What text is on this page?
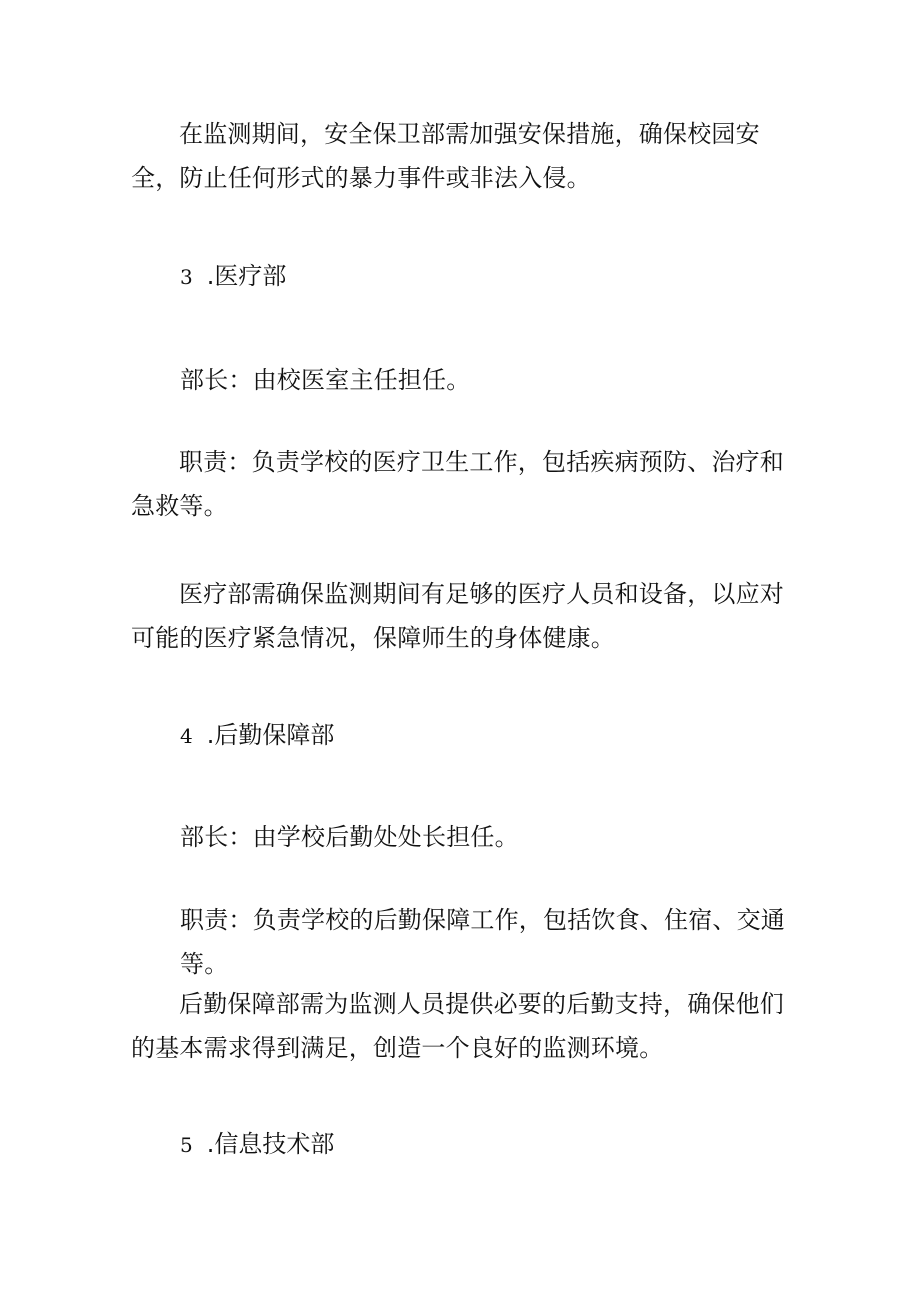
在监测期间，安全保卫部需加强安保措施，确保校园安全，防止任何形式的暴力事件或非法入侵。

3 .医疗部

部长：由校医室主任担任。

职责：负责学校的医疗卫生工作，包括疾病预防、治疗和急救等。

医疗部需确保监测期间有足够的医疗人员和设备，以应对可能的医疗紧急情况，保障师生的身体健康。

4 .后勤保障部

部长：由学校后勤处处长担任。

职责：负责学校的后勤保障工作，包括饮食、住宿、交通等。

后勤保障部需为监测人员提供必要的后勤支持，确保他们的基本需求得到满足，创造一个良好的监测环境。

5 .信息技术部
